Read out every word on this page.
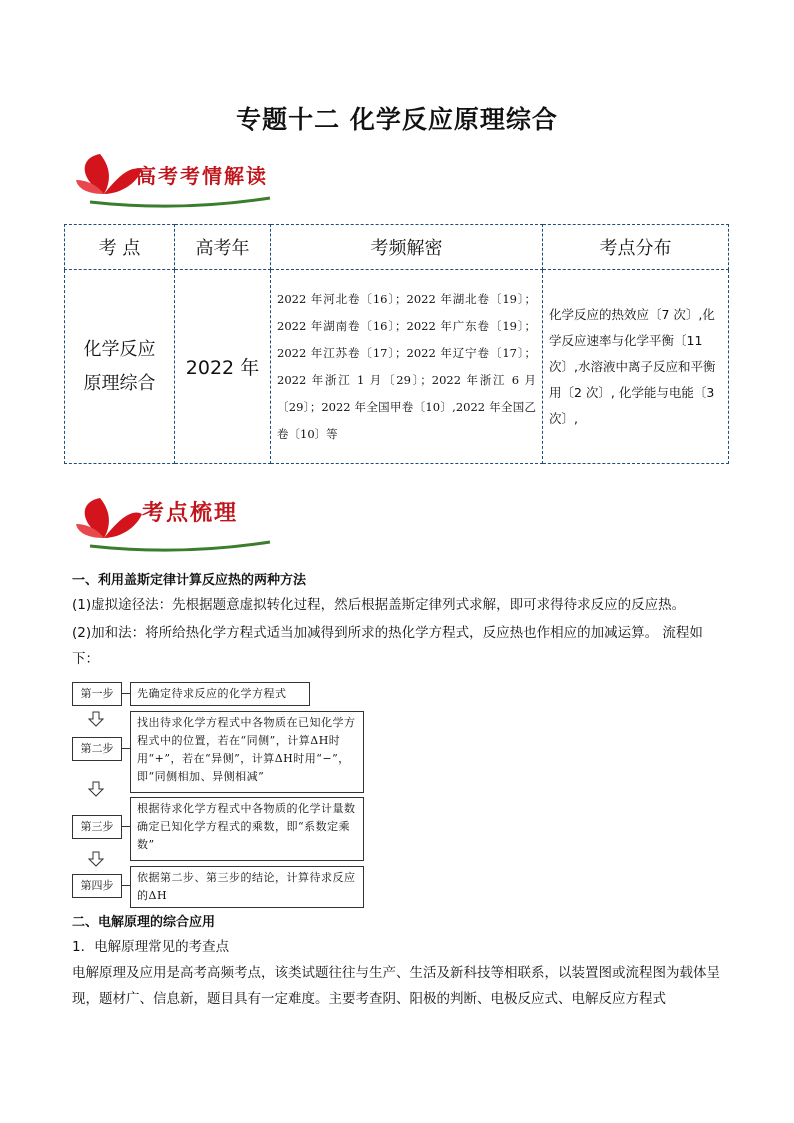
专题十二 化学反应原理综合
高考考情解读
考 点	高考年	考频解密	考点分布

化学反应
原理综合	2022 年	2022 年河北卷〔16〕；2022 年湖北卷〔19〕；2022 年湖南卷〔16〕；2022 年广东卷〔19〕；2022 年江苏卷〔17〕；2022 年辽宁卷〔17〕；2022 年浙江 1 月〔29〕；2022 年浙江 6 月〔29〕；2022 年全国甲卷〔10〕,2022 年全国乙卷〔10〕等	化学反应的热效应〔7 次〕,化学反应速率与化学平衡〔11 次〕,水溶液中离子反应和平衡用〔2 次〕, 化学能与电能〔3 次〕,
考点梳理
一、利用盖斯定律计算反应热的两种方法
(1)虚拟途径法：先根据题意虚拟转化过程，然后根据盖斯定律列式求解，即可求得待求反应的反应热。
(2)加和法：将所给热化学方程式适当加减得到所求的热化学方程式，反应热也作相应的加减运算。 流程如下：
第一步	先确定待求反应的化学方程式
第二步
找出待求化学方程式中各物质在已知化学方程式中的位置，若在“同侧”，计算ΔH时用“+”，若在“异侧”，计算ΔH时用“−”，即“同侧相加、异侧相减”
第三步
根据待求化学方程式中各物质的化学计量数确定已知化学方程式的乘数，即“系数定乘数”
第四步
依据第二步、第三步的结论，计算待求反应的ΔH
二、电解原理的综合应用
1．电解原理常见的考查点
电解原理及应用是高考高频考点，该类试题往往与生产、生活及新科技等相联系，以装置图或流程图为载体呈现，题材广、信息新，题目具有一定难度。主要考查阴、阳极的判断、电极反应式、电解反应方程式
